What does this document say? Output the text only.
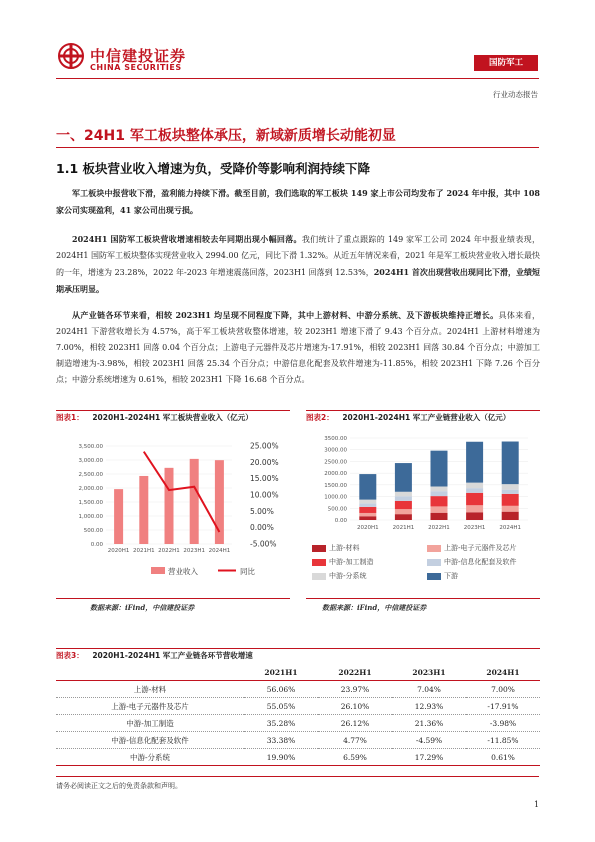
中信建投证券
CHINA SECURITIES	国防军工
行业动态报告
一、24H1 军工板块整体承压，新域新质增长动能初显
1.1 板块营业收入增速为负，受降价等影响利润持续下降

军工板块中报营收下滑，盈利能力持续下滑。截至目前，我们选取的军工板块 149 家上市公司均发布了 2024 年中报，其中 108 家公司实现盈利，41 家公司出现亏损。

2024H1 国防军工板块营收增速相较去年同期出现小幅回落。我们统计了重点跟踪的 149 家军工公司 2024 年中报业绩表现，2024H1 国防军工板块整体实现营业收入 2994.00 亿元，同比下滑 1.32%。从近五年情况来看，2021 年是军工板块营业收入增长最快的一年，增速为 23.28%，2022 年-2023 年增速震荡回落，2023H1 回落到 12.53%，2024H1 首次出现营收出现同比下滑，业绩短期承压明显。

从产业链各环节来看，相较 2023H1 均呈现不同程度下降，其中上游材料、中游分系统、及下游板块维持正增长。具体来看，2024H1 下游营收增长为 4.57%，高于军工板块营收整体增速，较 2023H1 增速下滑了 9.43 个百分点。2024H1 上游材料增速为 7.00%，相较 2023H1 回落 0.04 个百分点；上游电子元器件及芯片增速为-17.91%，相较 2023H1 回落 30.84 个百分点；中游加工制造增速为-3.98%，相较 2023H1 回落 25.34 个百分点；中游信息化配套及软件增速为-11.85%，相较 2023H1 下降 7.26 个百分点；中游分系统增速为 0.61%，相较 2023H1 下降 16.68 个百分点。

图表1： 2020H1-2024H1 军工板块营业收入（亿元）
0.00
500.00
1,000.00
1,500.00
2,000.00
2,500.00
3,000.00
3,500.00
-5.00%
0.00%
5.00%
10.00%
15.00%
20.00%
25.00%
2020H1 2021H1 2022H1 2023H1 2024H1
营业收入	同比
数据来源：iFind，中信建投证券
图表2： 2020H1-2024H1 军工产业链营业收入（亿元）
0.00
500.00
1000.00
1500.00
2000.00
2500.00
3000.00
3500.00
2020H1	2021H1	2022H1	2023H1	2024H1
上游-材料	上游-电子元器件及芯片
中游-加工制造	中游-信息化配套及软件
中游-分系统	下游
数据来源：iFind，中信建投证券
图表3： 2020H1-2024H1 军工产业链各环节营收增速
	2021H1	2022H1	2023H1	2024H1
上游-材料	56.06%	23.97%	7.04%	7.00%
上游-电子元器件及芯片	55.05%	26.10%	12.93%	-17.91%
中游-加工制造	35.28%	26.12%	21.36%	-3.98%
中游-信息化配套及软件	33.38%	4.77%	-4.59%	-11.85%
中游-分系统	19.90%	6.59%	17.29%	0.61%
请务必阅读正文之后的免责条款和声明。
1
